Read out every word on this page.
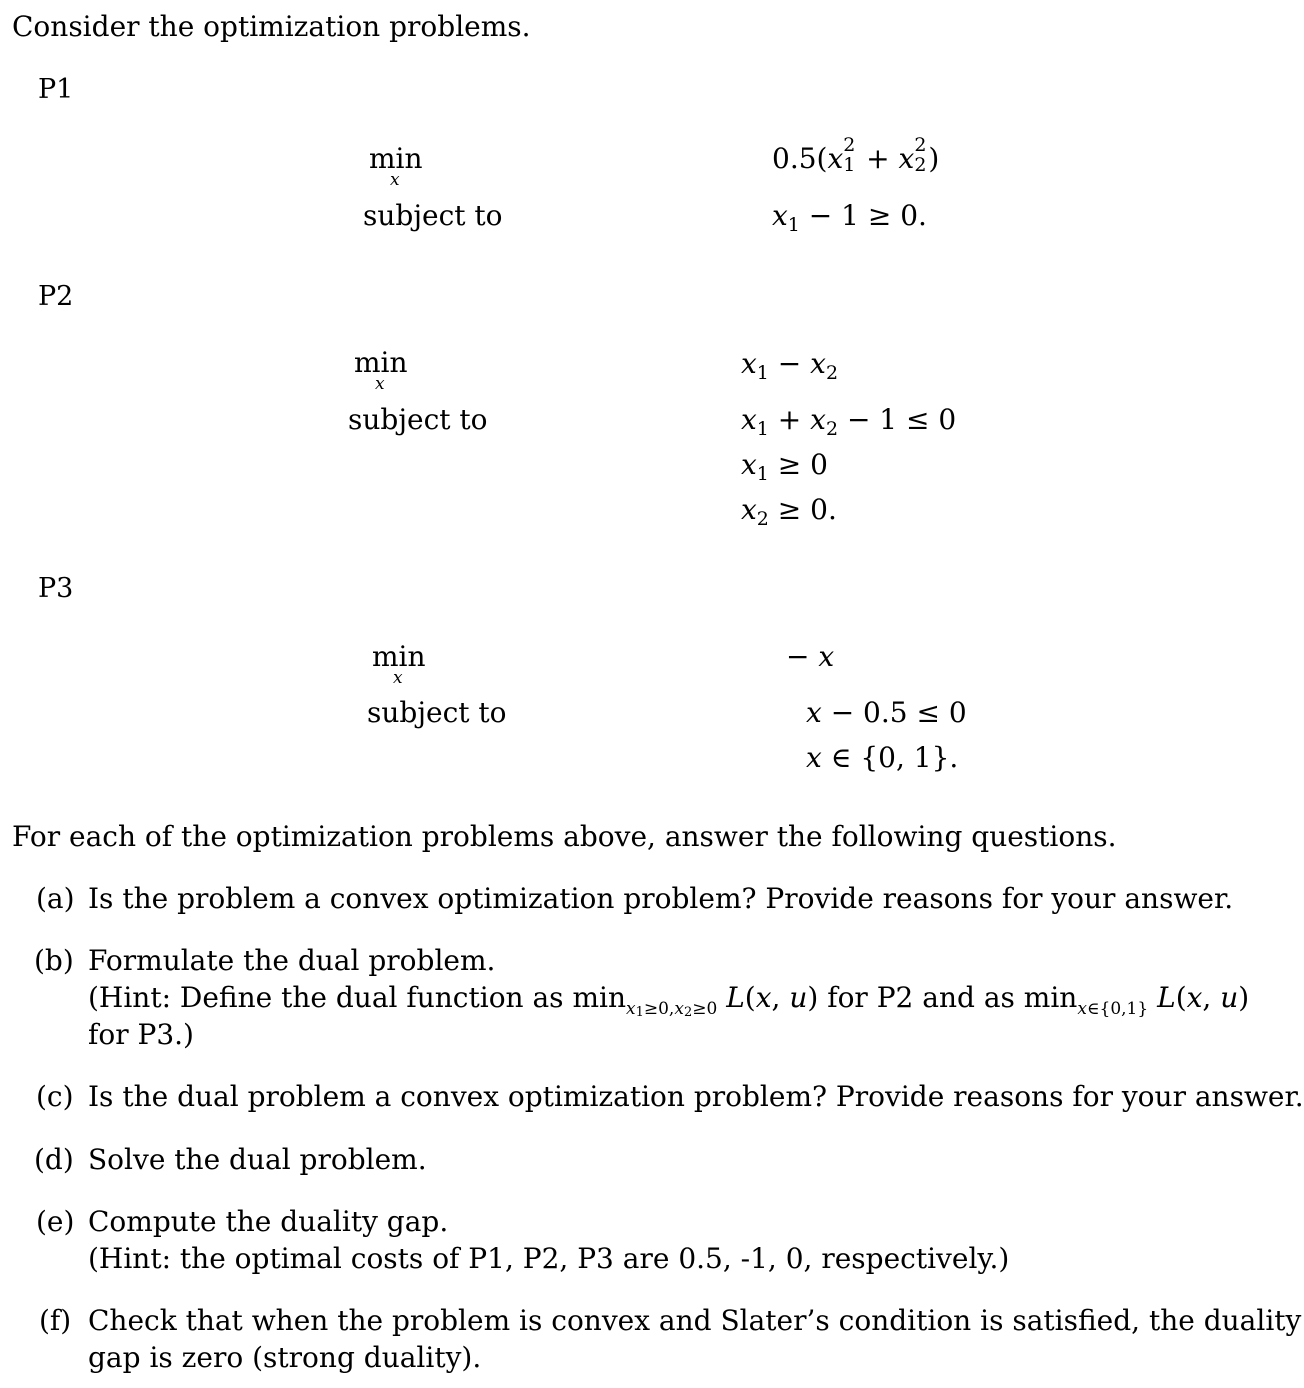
Consider the optimization problems.
P1
min
x
subject to
0.5(x 2
1 + x 2
2 )
$x_1 - 1 \ge 0$.
P2
min
x
subject to
$x_1 - x_2$
$x_1 + x_2 - 1 \le 0$
$x_1 \ge 0$
$x_2 \ge 0$.
P3
min
x
subject to
− x
x − 0.5 ≤ 0
x ∈ {0, 1}.
For each of the optimization problems above, answer the following questions.
(a) Is the problem a convex optimization problem? Provide reasons for your answer.
(b) Formulate the dual problem.
(Hint: Define the dual function as $\min_{x1\ge 0,x2\ge 0} L(x$, u) for P2 and as $\min_{x\in\{0,1\}} L(x$, u)
for P3.)
(c) Is the dual problem a convex optimization problem? Provide reasons for your answer.
(d) Solve the dual problem.
(e) Compute the duality gap.
(Hint: the optimal costs of P1, P2, P3 are 0.5, -1, 0, respectively.)
(f) Check that when the problem is convex and Slater’s condition is satisfied, the duality
gap is zero (strong duality).
